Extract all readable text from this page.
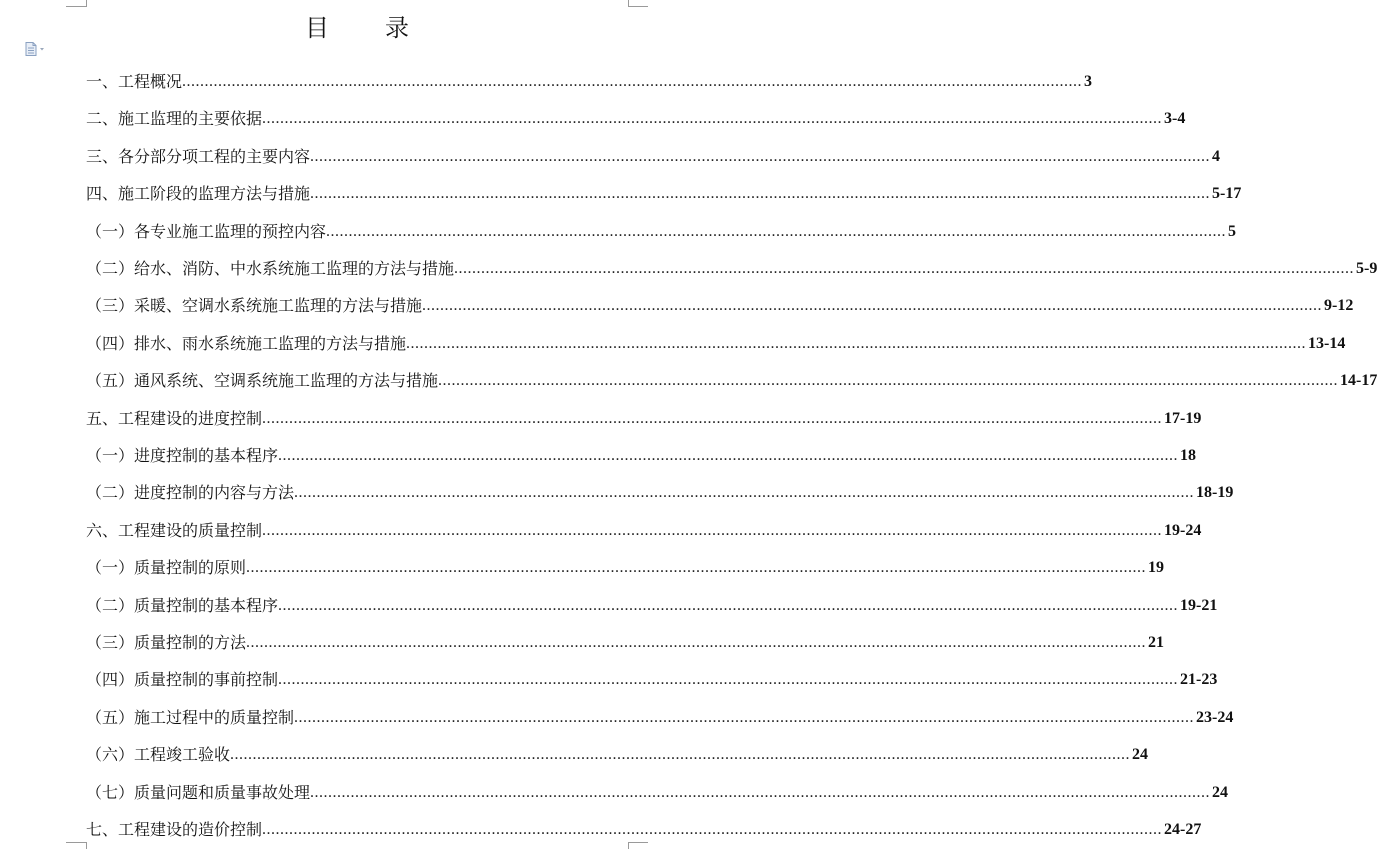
目 录
一、工程概况 ........................................................................................................................................................................................................ 3
二、施工监理的主要依据 ........................................................................................................................................................................................................ 3-4
三、各分部分项工程的主要内容 ........................................................................................................................................................................................................ 4
四、施工阶段的监理方法与措施 ........................................................................................................................................................................................................ 5-17
（一）各专业施工监理的预控内容 ........................................................................................................................................................................................................ 5
（二）给水、消防、中水系统施工监理的方法与措施 ........................................................................................................................................................................................................ 5-9
（三）采暖、空调水系统施工监理的方法与措施 ........................................................................................................................................................................................................ 9-12
（四）排水、雨水系统施工监理的方法与措施 ........................................................................................................................................................................................................ 13-14
（五）通风系统、空调系统施工监理的方法与措施 ........................................................................................................................................................................................................ 14-17
五、工程建设的进度控制 ........................................................................................................................................................................................................ 17-19
（一）进度控制的基本程序 ........................................................................................................................................................................................................ 18
（二）进度控制的内容与方法 ........................................................................................................................................................................................................ 18-19
六、工程建设的质量控制 ........................................................................................................................................................................................................ 19-24
（一）质量控制的原则 ........................................................................................................................................................................................................ 19
（二）质量控制的基本程序 ........................................................................................................................................................................................................ 19-21
（三）质量控制的方法 ........................................................................................................................................................................................................ 21
（四）质量控制的事前控制 ........................................................................................................................................................................................................ 21-23
（五）施工过程中的质量控制 ........................................................................................................................................................................................................ 23-24
（六）工程竣工验收 ........................................................................................................................................................................................................ 24
（七）质量问题和质量事故处理 ........................................................................................................................................................................................................ 24
七、工程建设的造价控制 ........................................................................................................................................................................................................ 24-27
